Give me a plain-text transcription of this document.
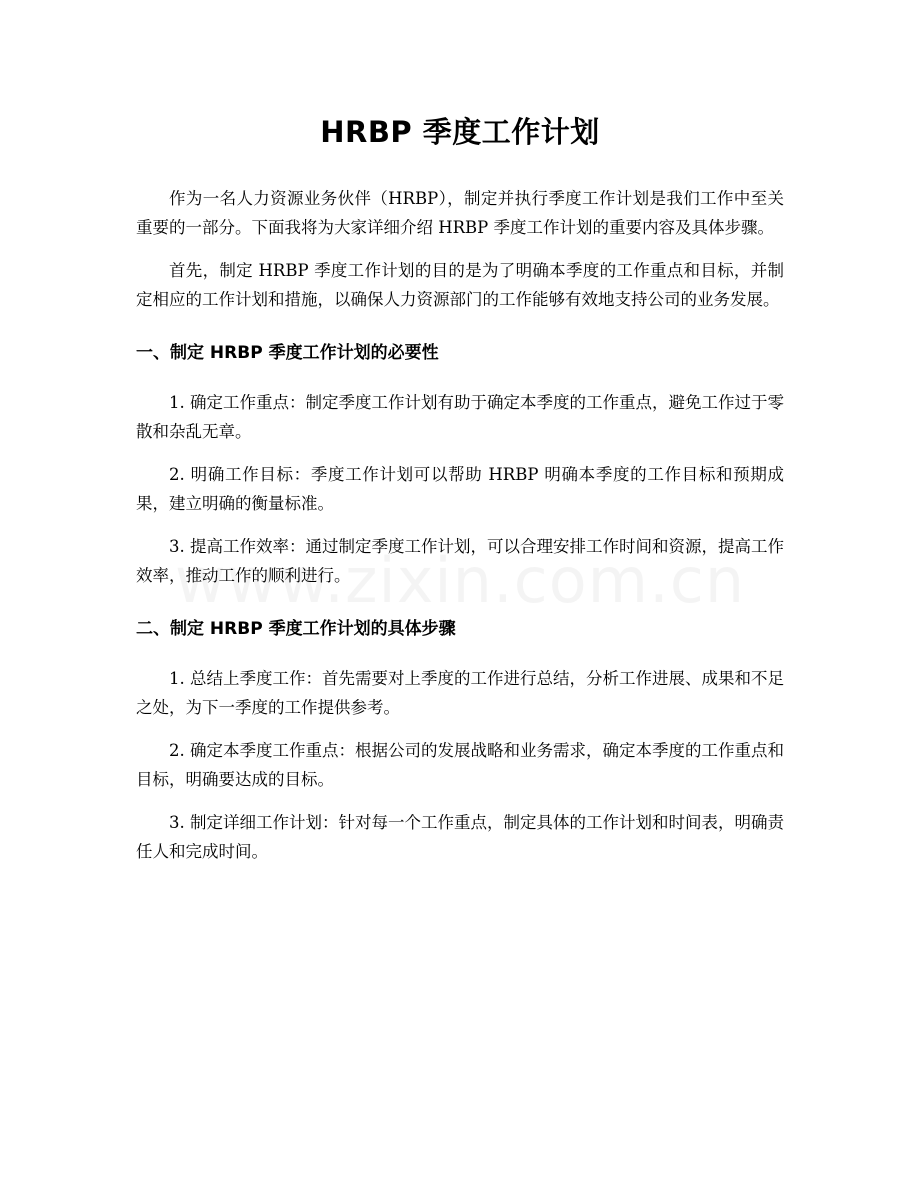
HRBP 季度工作计划

作为一名人力资源业务伙伴（HRBP），制定并执行季度工作计划是我们工作中至关重要的一部分。下面我将为大家详细介绍 HRBP 季度工作计划的重要内容及具体步骤。

首先，制定 HRBP 季度工作计划的目的是为了明确本季度的工作重点和目标，并制定相应的工作计划和措施，以确保人力资源部门的工作能够有效地支持公司的业务发展。

一、制定 HRBP 季度工作计划的必要性

1. 确定工作重点：制定季度工作计划有助于确定本季度的工作重点，避免工作过于零散和杂乱无章。

2. 明确工作目标：季度工作计划可以帮助 HRBP 明确本季度的工作目标和预期成果，建立明确的衡量标准。

3. 提高工作效率：通过制定季度工作计划，可以合理安排工作时间和资源，提高工作效率，推动工作的顺利进行。

二、制定 HRBP 季度工作计划的具体步骤

1. 总结上季度工作：首先需要对上季度的工作进行总结，分析工作进展、成果和不足之处，为下一季度的工作提供参考。

2. 确定本季度工作重点：根据公司的发展战略和业务需求，确定本季度的工作重点和目标，明确要达成的目标。

3. 制定详细工作计划：针对每一个工作重点，制定具体的工作计划和时间表，明确责任人和完成时间。
